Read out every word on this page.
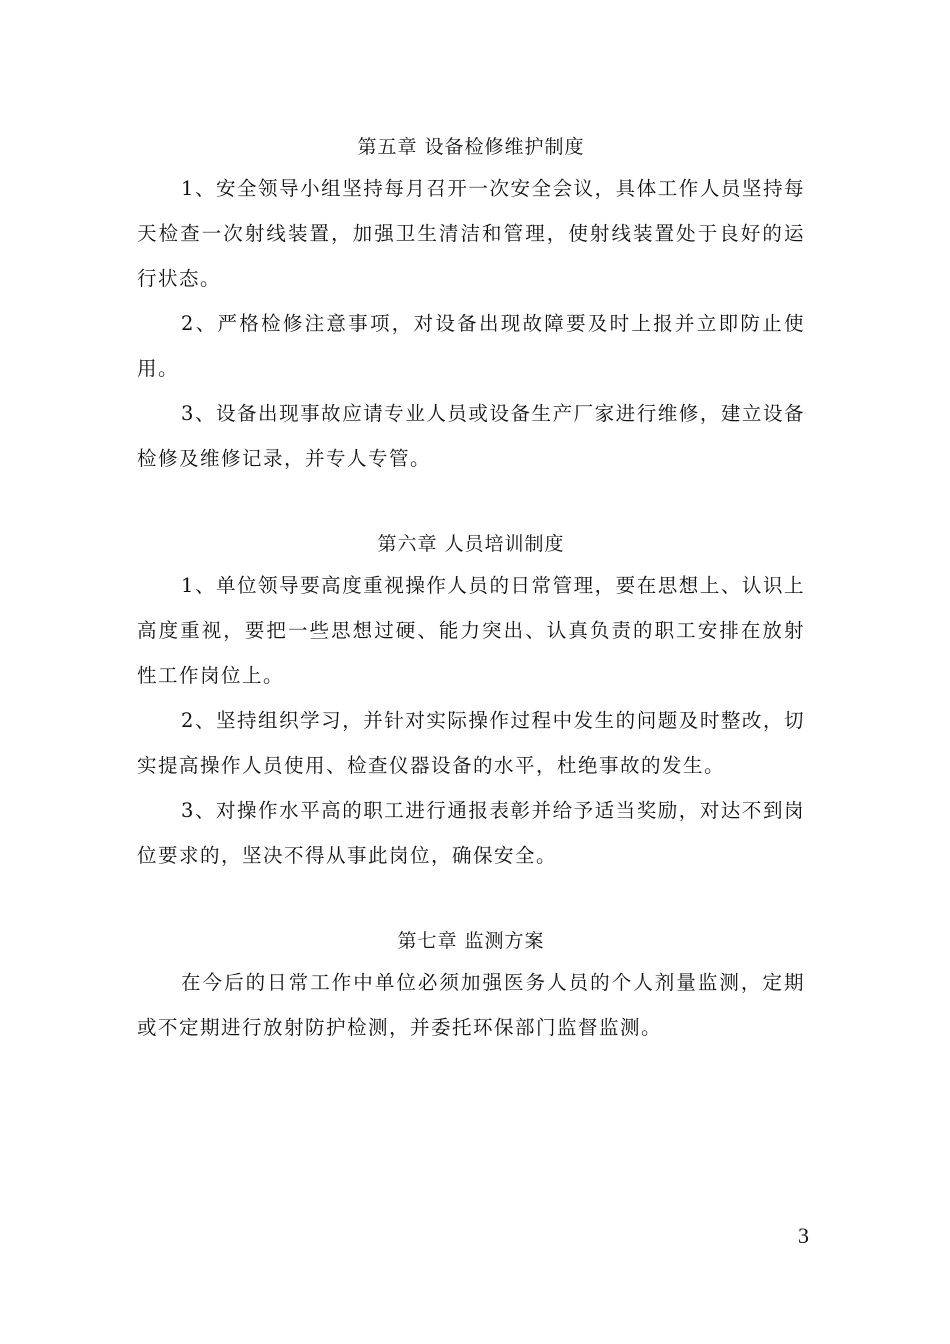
第五章 设备检修维护制度

1、安全领导小组坚持每月召开一次安全会议，具体工作人员坚持每天检查一次射线装置，加强卫生清洁和管理，使射线装置处于良好的运行状态。

2、严格检修注意事项，对设备出现故障要及时上报并立即防止使用。

3、设备出现事故应请专业人员或设备生产厂家进行维修，建立设备检修及维修记录，并专人专管。

第六章 人员培训制度

1、单位领导要高度重视操作人员的日常管理，要在思想上、认识上高度重视，要把一些思想过硬、能力突出、认真负责的职工安排在放射性工作岗位上。

2、坚持组织学习，并针对实际操作过程中发生的问题及时整改，切实提高操作人员使用、检查仪器设备的水平，杜绝事故的发生。

3、对操作水平高的职工进行通报表彰并给予适当奖励，对达不到岗位要求的，坚决不得从事此岗位，确保安全。

第七章 监测方案

在今后的日常工作中单位必须加强医务人员的个人剂量监测，定期或不定期进行放射防护检测，并委托环保部门监督监测。

3
